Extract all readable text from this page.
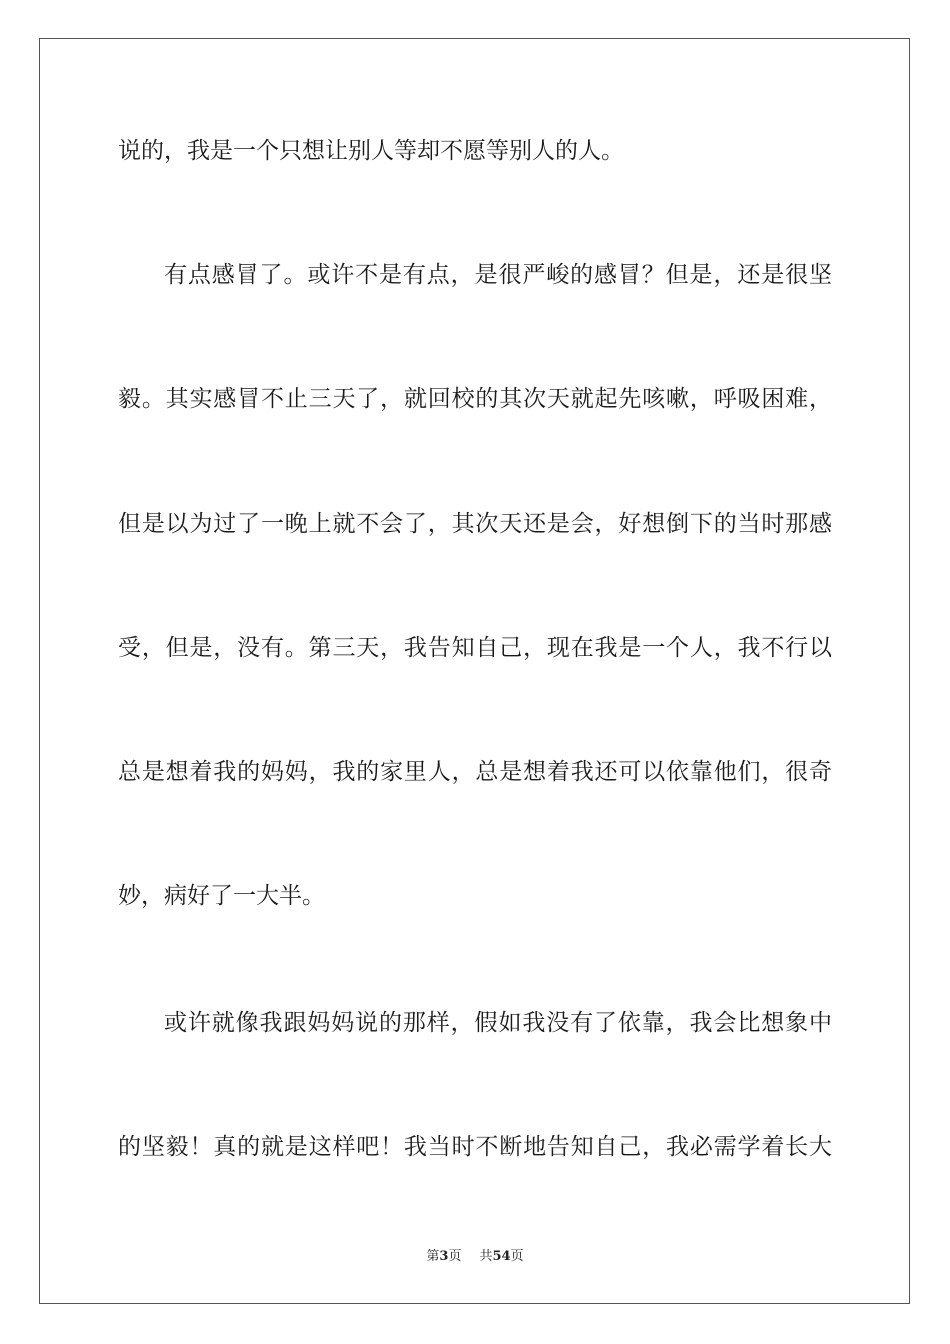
说的，我是一个只想让别人等却不愿等别人的人。
有点感冒了。或许不是有点，是很严峻的感冒？但是，还是很坚
毅。其实感冒不止三天了，就回校的其次天就起先咳嗽，呼吸困难，
但是以为过了一晚上就不会了，其次天还是会，好想倒下的当时那感
受，但是，没有。第三天，我告知自己，现在我是一个人，我不行以
总是想着我的妈妈，我的家里人，总是想着我还可以依靠他们，很奇
妙，病好了一大半。
或许就像我跟妈妈说的那样，假如我没有了依靠，我会比想象中
的坚毅！真的就是这样吧！我当时不断地告知自己，我必需学着长大
第3页 共54页
